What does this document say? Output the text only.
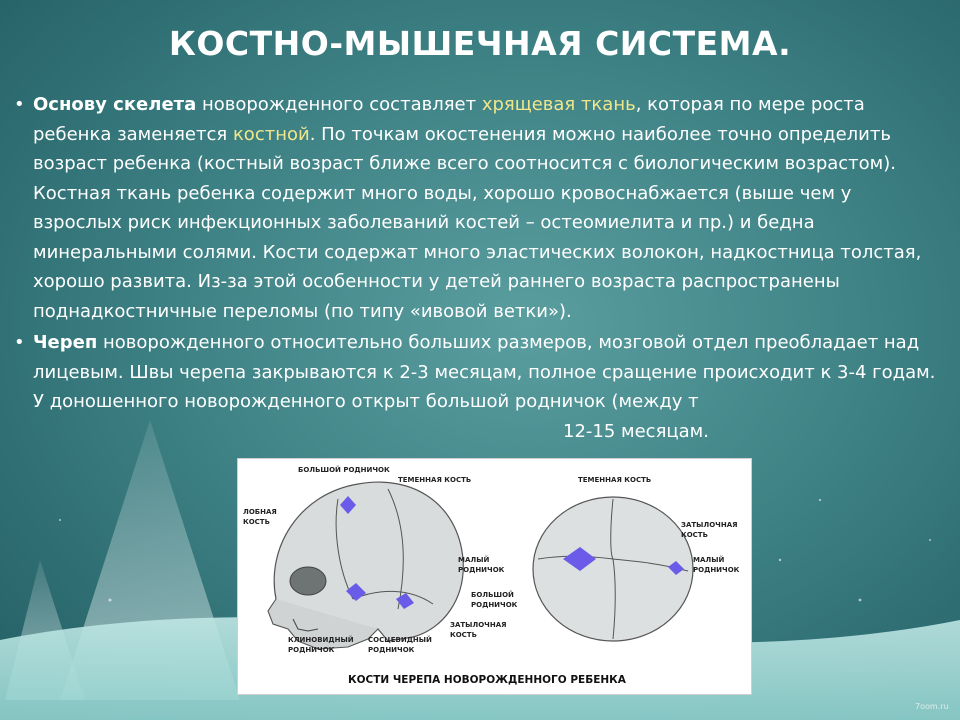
КОСТНО-МЫШЕЧНАЯ СИСТЕМА.
• Основу скелета новорожденного составляет хрящевая ткань, которая по мере роста ребенка заменяется костной. По точкам окостенения можно наиболее точно определить возраст ребенка (костный возраст ближе всего соотносится с биологическим возрастом). Костная ткань ребенка содержит много воды, хорошо кровоснабжается (выше чем у взрослых риск инфекционных заболеваний костей – остеомиелита и пр.) и бедна минеральными солями. Кости содержат много эластических волокон, надкостница толстая, хорошо развита. Из-за этой особенности у детей раннего возраста распространены поднадкостничные переломы (по типу «ивовой ветки»).
• Череп новорожденного относительно больших размеров, мозговой отдел преобладает над лицевым. Швы черепа закрываются к 2-3 месяцам, полное сращение происходит к 3-4 годам. У доношенного новорожденного открыт большой родничок (между т12-15 месяцам.
БОЛЬШОЙ РОДНИЧОК
ТЕМЕННАЯ КОСТЬ
ЛОБНАЯ
КОСТЬ
МАЛЫЙ
РОДНИЧОК
БОЛЬШОЙ
РОДНИЧОК
ЗАТЫЛОЧНАЯ
КОСТЬ
КЛИНОВИДНЫЙ
РОДНИЧОК
СОСЦЕВИДНЫЙ
РОДНИЧОК
ТЕМЕННАЯ КОСТЬ
ЗАТЫЛОЧНАЯ
КОСТЬ
МАЛЫЙ
РОДНИЧОК
КОСТИ ЧЕРЕПА НОВОРОЖДЕННОГО РЕБЕНКА
7oom.ru
